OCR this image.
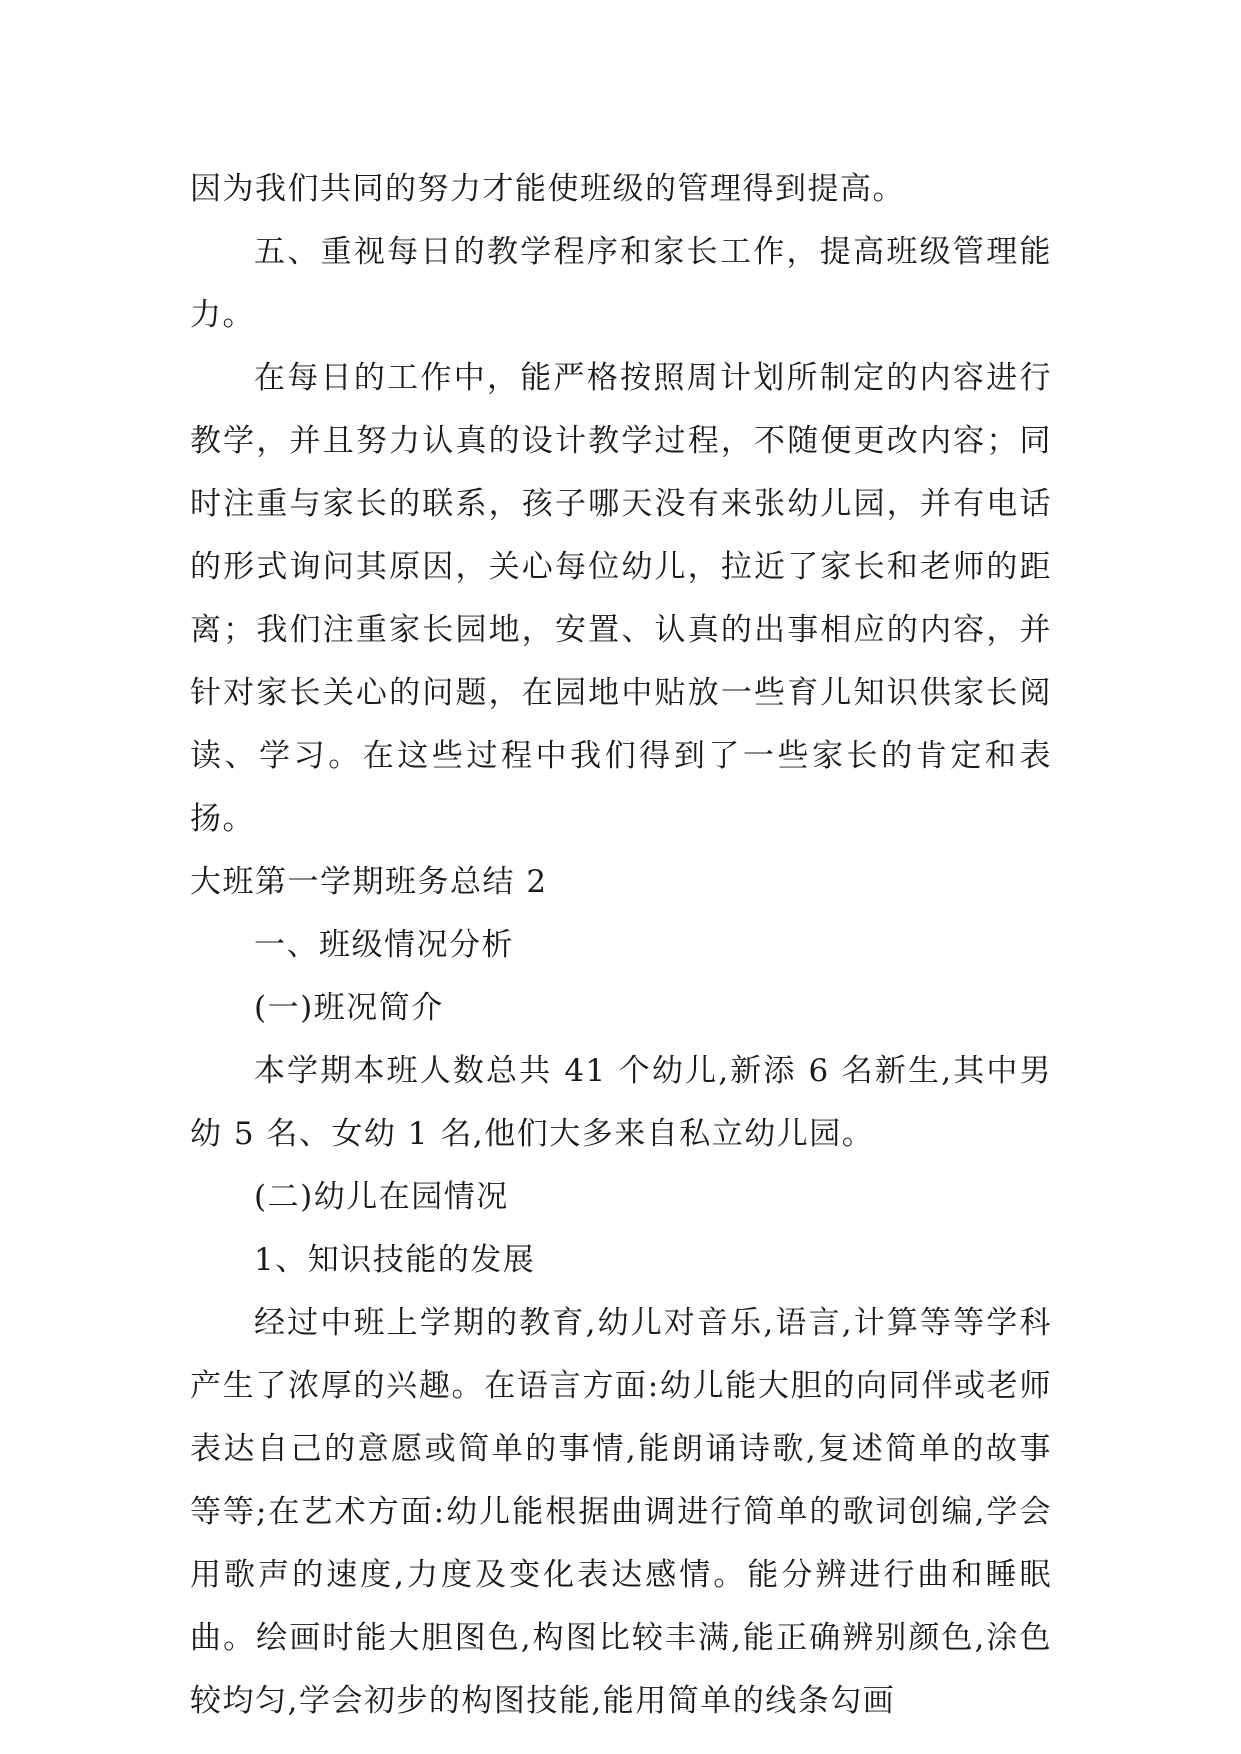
因为我们共同的努力才能使班级的管理得到提高。

五、重视每日的教学程序和家长工作，提高班级管理能力。

在每日的工作中，能严格按照周计划所制定的内容进行教学，并且努力认真的设计教学过程，不随便更改内容；同时注重与家长的联系，孩子哪天没有来张幼儿园，并有电话的形式询问其原因，关心每位幼儿，拉近了家长和老师的距离；我们注重家长园地，安置、认真的出事相应的内容，并针对家长关心的问题，在园地中贴放一些育儿知识供家长阅读、学习。在这些过程中我们得到了一些家长的肯定和表扬。

大班第一学期班务总结 2

一、班级情况分析

(一)班况简介

本学期本班人数总共 41 个幼儿,新添 6 名新生,其中男幼 5 名、女幼 1 名,他们大多来自私立幼儿园。

(二)幼儿在园情况

1、知识技能的发展

经过中班上学期的教育,幼儿对音乐,语言,计算等等学科产生了浓厚的兴趣。在语言方面:幼儿能大胆的向同伴或老师表达自己的意愿或简单的事情,能朗诵诗歌,复述简单的故事等等;在艺术方面:幼儿能根据曲调进行简单的歌词创编,学会用歌声的速度,力度及变化表达感情。能分辨进行曲和睡眠曲。绘画时能大胆图色,构图比较丰满,能正确辨别颜色,涂色较均匀,学会初步的构图技能,能用简单的线条勾画
